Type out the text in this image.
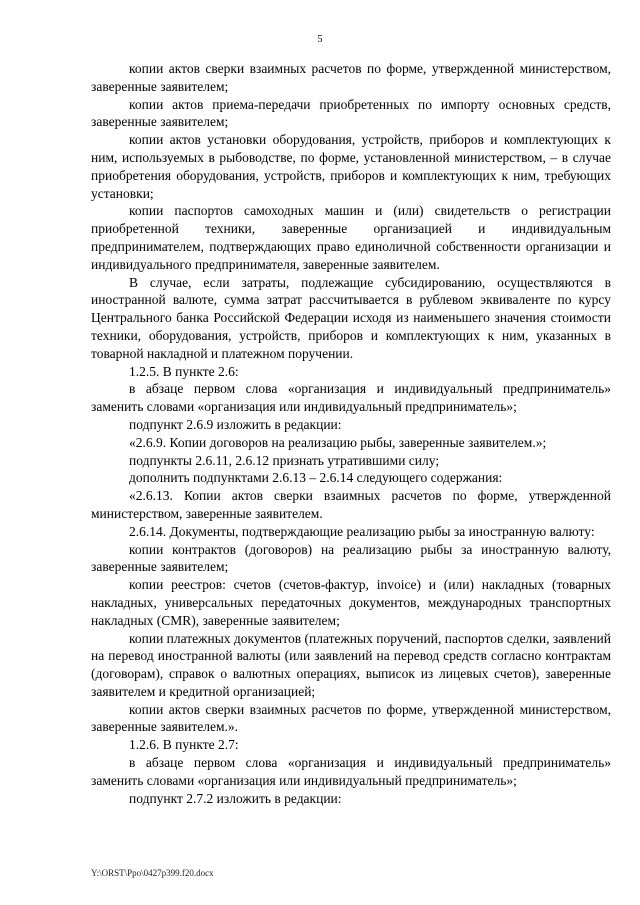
5

копии актов сверки взаимных расчетов по форме, утвержденной министерством, заверенные заявителем;

копии актов приема-передачи приобретенных по импорту основных средств, заверенные заявителем;

копии актов установки оборудования, устройств, приборов и комплектующих к ним, используемых в рыбоводстве, по форме, установленной министерством, – в случае приобретения оборудования, устройств, приборов и комплектующих к ним, требующих установки;

копии паспортов самоходных машин и (или) свидетельств о регистрации приобретенной техники, заверенные организацией и индивидуальным предпринимателем, подтверждающих право единоличной собственности организации и индивидуального предпринимателя, заверенные заявителем.

В случае, если затраты, подлежащие субсидированию, осуществляются в иностранной валюте, сумма затрат рассчитывается в рублевом эквиваленте по курсу Центрального банка Российской Федерации исходя из наименьшего значения стоимости техники, оборудования, устройств, приборов и комплектующих к ним, указанных в товарной накладной и платежном поручении.

1.2.5. В пункте 2.6:

в абзаце первом слова «организация и индивидуальный предприниматель» заменить словами «организация или индивидуальный предприниматель»;

подпункт 2.6.9 изложить в редакции:

«2.6.9. Копии договоров на реализацию рыбы, заверенные заявителем.»;

подпункты 2.6.11, 2.6.12 признать утратившими силу;

дополнить подпунктами 2.6.13 – 2.6.14 следующего содержания:

«2.6.13. Копии актов сверки взаимных расчетов по форме, утвержденной министерством, заверенные заявителем.

2.6.14. Документы, подтверждающие реализацию рыбы за иностранную валюту:

копии контрактов (договоров) на реализацию рыбы за иностранную валюту, заверенные заявителем;

копии реестров: счетов (счетов-фактур, invoice) и (или) накладных (товарных накладных, универсальных передаточных документов, международных транспортных накладных (CMR), заверенные заявителем;

копии платежных документов (платежных поручений, паспортов сделки, заявлений на перевод иностранной валюты (или заявлений на перевод средств согласно контрактам (договорам), справок о валютных операциях, выписок из лицевых счетов), заверенные заявителем и кредитной организацией;

копии актов сверки взаимных расчетов по форме, утвержденной министерством, заверенные заявителем.».

1.2.6. В пункте 2.7:

в абзаце первом слова «организация и индивидуальный предприниматель» заменить словами «организация или индивидуальный предприниматель»;

подпункт 2.7.2 изложить в редакции:

Y:\ORST\Ppo\0427p399.f20.docx
